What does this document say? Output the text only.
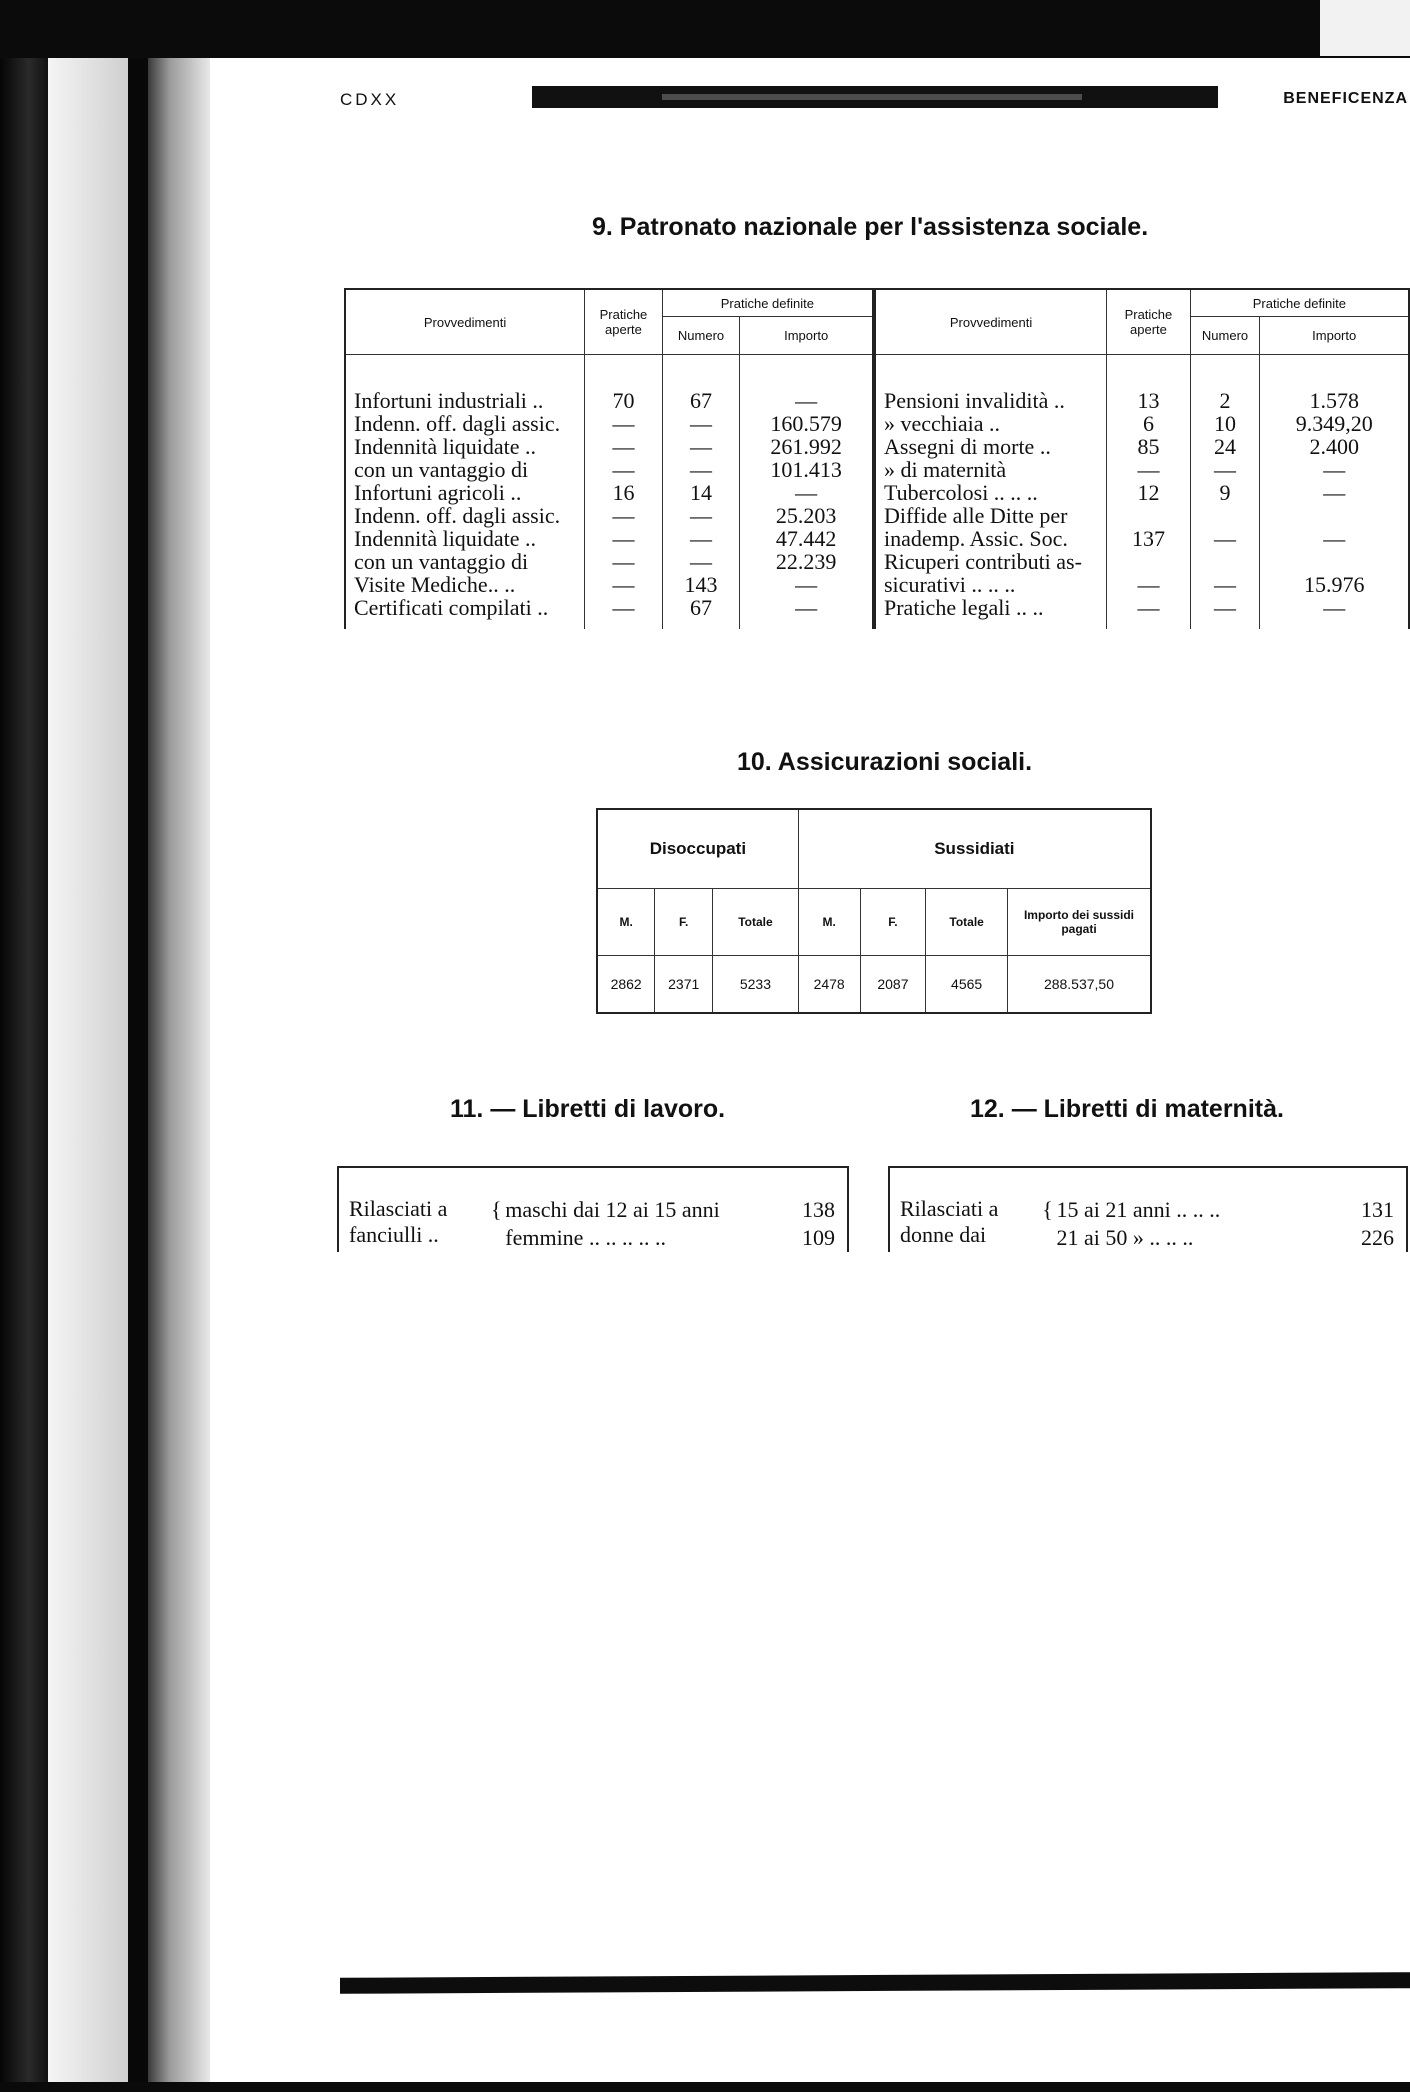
CDXX	BENEFICENZA
9. Patronato nazionale per l'assistenza sociale.
Provvedimenti	Pratiche aperte	Pratiche definite	
		Numero	Importo

Infortuni industriali ..	70	67	—
Indenn. off. dagli assic.	—	—	160.579
Indennità liquidate ..	—	—	261.992
con un vantaggio di	—	—	101.413
Infortuni agricoli ..	16	14	—
Indenn. off. dagli assic.	—	—	25.203
Indennità liquidate ..	—	—	47.442
con un vantaggio di	—	—	22.239
Visite Mediche.. ..	—	143	—
Certificati compilati ..	—	67	—

Provvedimenti	Pratiche aperte	Pratiche definite	
		Numero	Importo

Pensioni invalidità ..	13	2	1.578
» vecchiaia ..	6	10	9.349,20
Assegni di morte ..	85	24	2.400
» di maternità	—	—	—
Tubercolosi .. .. ..	12	9	—
Diffide alle Ditte per			
inademp. Assic. Soc.	137	—	—
Ricuperi contributi as-			
sicurativi .. .. ..	—	—	15.976
Pratiche legali .. ..	—	—	—

10. Assicurazioni sociali.
Disoccupati			Sussidiati			
M.	F.	Totale	M.	F.	Totale	Importo dei sussidi pagati
2862	2371	5233	2478	2087	4565	288.537,50
11. — Libretti di lavoro.
Rilasciati a
fanciulli ..	{	maschi dai 12 ai 15 anni	138
		femmine .. .. .. .. ..	109
12. — Libretti di maternità.
Rilasciati a
donne dai	{	15 ai 21 anni .. .. ..	131
		21 ai 50 » .. .. ..	226
